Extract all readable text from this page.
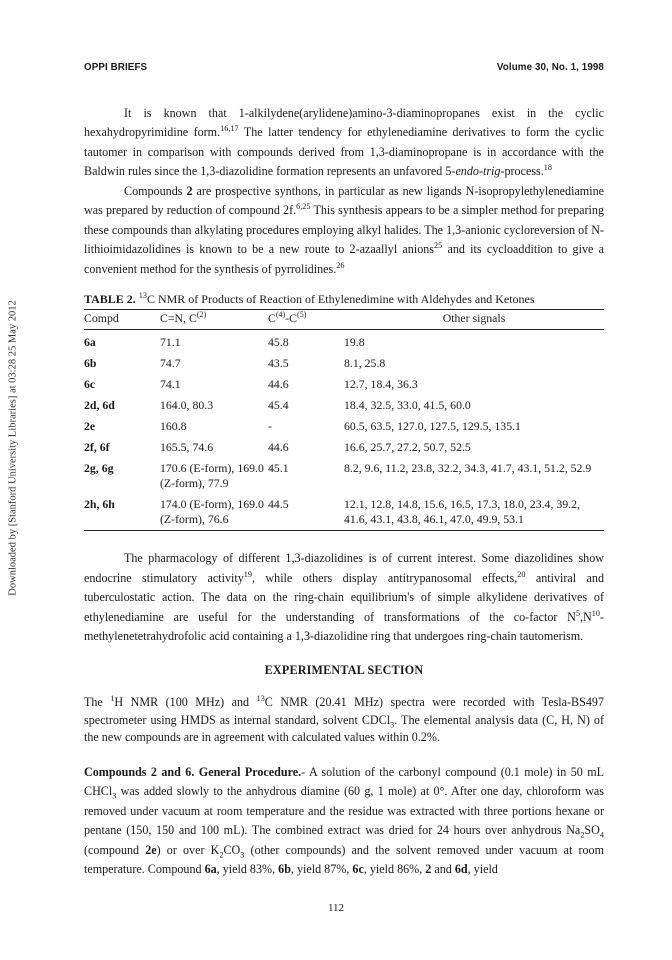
Downloaded by [Stanford University Libraries] at 03:28 25 May 2012
OPPI BRIEFS	Volume 30, No. 1, 1998

It is known that 1-alkilydene(arylidene)amino-3-diaminopropanes exist in the cyclic hexahydropyrimidine form.$^{16,17}$ The latter tendency for ethylenediamine derivatives to form the cyclic tautomer in comparison with compounds derived from 1,3-diaminopropane is in accordance with the Baldwin rules since the 1,3-diazolidine formation represents an unfavored 5-endo-trig-process.$^{18}$

Compounds 2 are prospective synthons, in particular as new ligands N-isopropylethylenediamine was prepared by reduction of compound 2f.$^{6,25}$ This synthesis appears to be a simpler method for preparing these compounds than alkylating procedures employing alkyl halides. The 1,3-anionic cycloreversion of N-lithioimidazolidines is known to be a new route to 2-azaallyl anions$^{25}$ and its cycloaddition to give a convenient method for the synthesis of pyrrolidines.$^{26}$

TABLE 2. $^{13}$C NMR of Products of Reaction of Ethylenedimine with Aldehydes and Ketones
Compd	C=N, $C^{(2)}$	$C^{(4)}-C^{(5)}$	Other signals
6a	71.1	45.8	19.8
6b	74.7	43.5	8.1, 25.8
6c	74.1	44.6	12.7, 18.4, 36.3
2d, 6d	164.0, 80.3	45.4	18.4, 32.5, 33.0, 41.5, 60.0
2e	160.8	-	60.5, 63.5, 127.0, 127.5, 129.5, 135.1
2f, 6f	165.5, 74.6	44.6	16.6, 25.7, 27.2, 50.7, 52.5
2g, 6g	170.6 (E-form), 169.0 (Z-form), 77.9	45.1	8.2, 9.6, 11.2, 23.8, 32.2, 34.3, 41.7, 43.1, 51.2, 52.9
2h, 6h	174.0 (E-form), 169.0 (Z-form), 76.6	44.5	12.1, 12.8, 14.8, 15.6, 16.5, 17.3, 18.0, 23.4, 39.2, 41.6, 43.1, 43.8, 46.1, 47.0, 49.9, 53.1

The pharmacology of different 1,3-diazolidines is of current interest. Some diazolidines show endocrine stimulatory activity$^{19}$, while others display antitrypanosomal effects,$^{20}$ antiviral and tuberculostatic action. The data on the ring-chain equilibrium's of simple alkylidene derivatives of ethylenediamine are useful for the understanding of transformations of the co-factor $N^5,N^{10}$-methylenetetrahydrofolic acid containing a 1,3-diazolidine ring that undergoes ring-chain tautomerism.

EXPERIMENTAL SECTION

The $^1$H NMR (100 MHz) and $^{13}$C NMR (20.41 MHz) spectra were recorded with Tesla-BS497 spectrometer using HMDS as internal standard, solvent CDCl$_3$. The elemental analysis data (C, H, N) of the new compounds are in agreement with calculated values within 0.2%.

Compounds 2 and 6. General Procedure.- A solution of the carbonyl compound (0.1 mole) in 50 mL CHCl$_3$ was added slowly to the anhydrous diamine (60 g, 1 mole) at 0°. After one day, chloroform was removed under vacuum at room temperature and the residue was extracted with three portions hexane or pentane (150, 150 and 100 mL). The combined extract was dried for 24 hours over anhydrous $Na_2SO_4$ (compound 2e) or over $K_2CO_3$ (other compounds) and the solvent removed under vacuum at room temperature. Compound 6a, yield 83%, 6b, yield 87%, 6c, yield 86%, 2 and 6d, yield

112
